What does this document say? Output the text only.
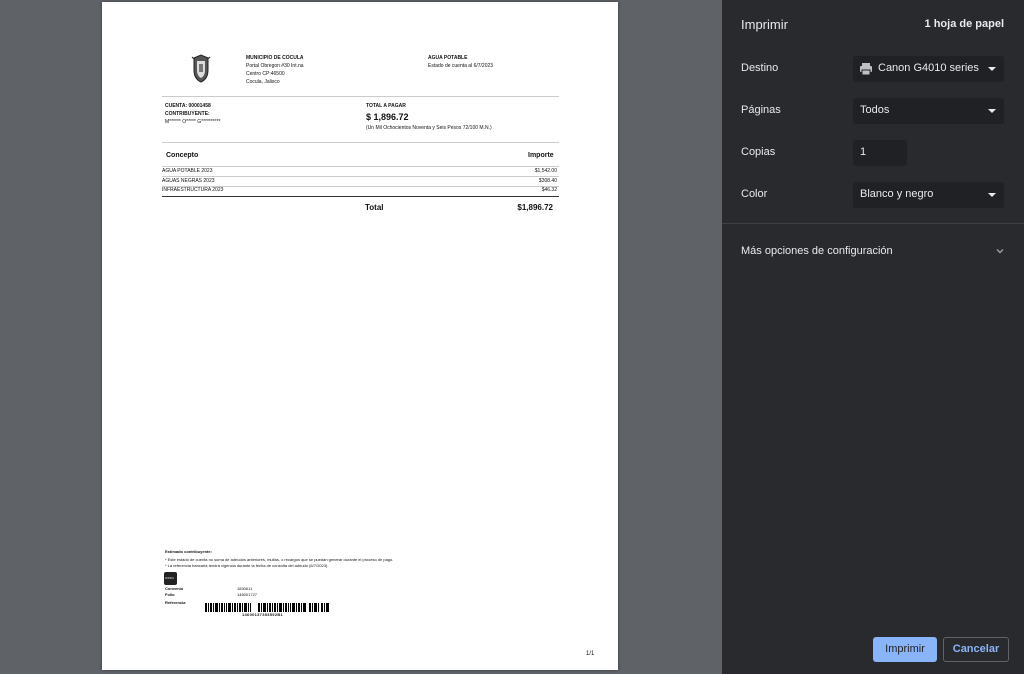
MUNICIPIO DE COCULA
Portal Obregon #30 Int.na
Centro CP:46500
Cocula, Jalisco
AGUA POTABLE
Estado de cuenta al 6/7/2023
CUENTA: 00001458
CONTRIBUYENTE:
M****** O***** G**********
TOTAL A PAGAR
$ 1,896.72
(Un Mil Ochocientos Noventa y Seis Pesos 72/100 M.N.)
Concepto	Importe
AGUA POTABLE 2023	$1,542.00
AGUAS NEGRAS 2023	$308.40
INFRAESTRUCTURA 2023	$46.32
Total	$1,896.72
Estimado contribuyente:
* Este estado de cuenta no suma de adeudos anteriores, multas, o recargos que se puedan generar durante el proceso de pago.
* La referencia bancaria tendrá vigencia durante la fecha de consulta del adeudo (6/7/2023).
OXXO
Convenio	1830611
Folio	146001727
Referencia
14600137353592B1
1/1
Imprimir	1 hoja de papel
Destino	Canon G4010 series
Páginas	Todos
Copias	1
Color	Blanco y negro
Más opciones de configuración
Imprimir	Cancelar
